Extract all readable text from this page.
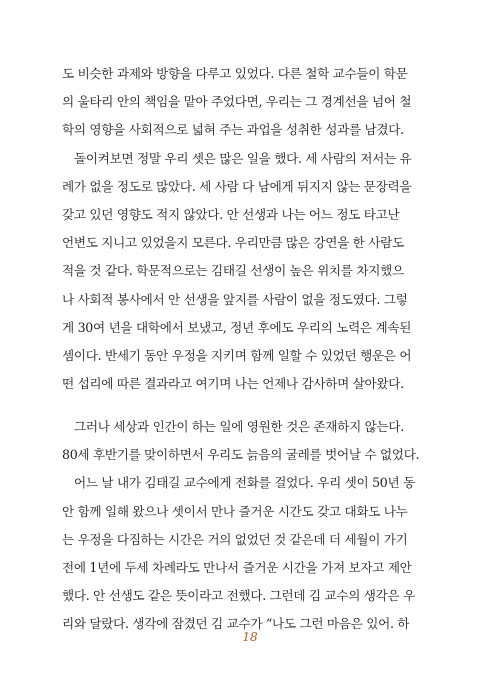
도 비슷한 과제와 방향을 다루고 있었다. 다른 철학 교수들이 학문
의 울타리 안의 책임을 맡아 주었다면, 우리는 그 경계선을 넘어 철
학의 영향을 사회적으로 넓혀 주는 과업을 성취한 성과를 남겼다.
돌이켜보면 정말 우리 셋은 많은 일을 했다. 세 사람의 저서는 유
례가 없을 정도로 많았다. 세 사람 다 남에게 뒤지지 않는 문장력을
갖고 있던 영향도 적지 않았다. 안 선생과 나는 어느 정도 타고난
언변도 지니고 있었을지 모른다. 우리만큼 많은 강연을 한 사람도
적을 것 같다. 학문적으로는 김태길 선생이 높은 위치를 차지했으
나 사회적 봉사에서 안 선생을 앞지를 사람이 없을 정도였다. 그렇
게 30여 년을 대학에서 보냈고, 정년 후에도 우리의 노력은 계속된
셈이다. 반세기 동안 우정을 지키며 함께 일할 수 있었던 행운은 어
떤 섭리에 따른 결과라고 여기며 나는 언제나 감사하며 살아왔다.
그러나 세상과 인간이 하는 일에 영원한 것은 존재하지 않는다.
80세 후반기를 맞이하면서 우리도 늙음의 굴레를 벗어날 수 없었다.
어느 날 내가 김태길 교수에게 전화를 걸었다. 우리 셋이 50년 동
안 함께 일해 왔으나 셋이서 만나 즐거운 시간도 갖고 대화도 나누
는 우정을 다짐하는 시간은 거의 없었던 것 같은데 더 세월이 가기
전에 1년에 두세 차례라도 만나서 즐거운 시간을 가져 보자고 제안
했다. 안 선생도 같은 뜻이라고 전했다. 그런데 김 교수의 생각은 우
리와 달랐다. 생각에 잠겼던 김 교수가 “나도 그런 마음은 있어. 하
18
